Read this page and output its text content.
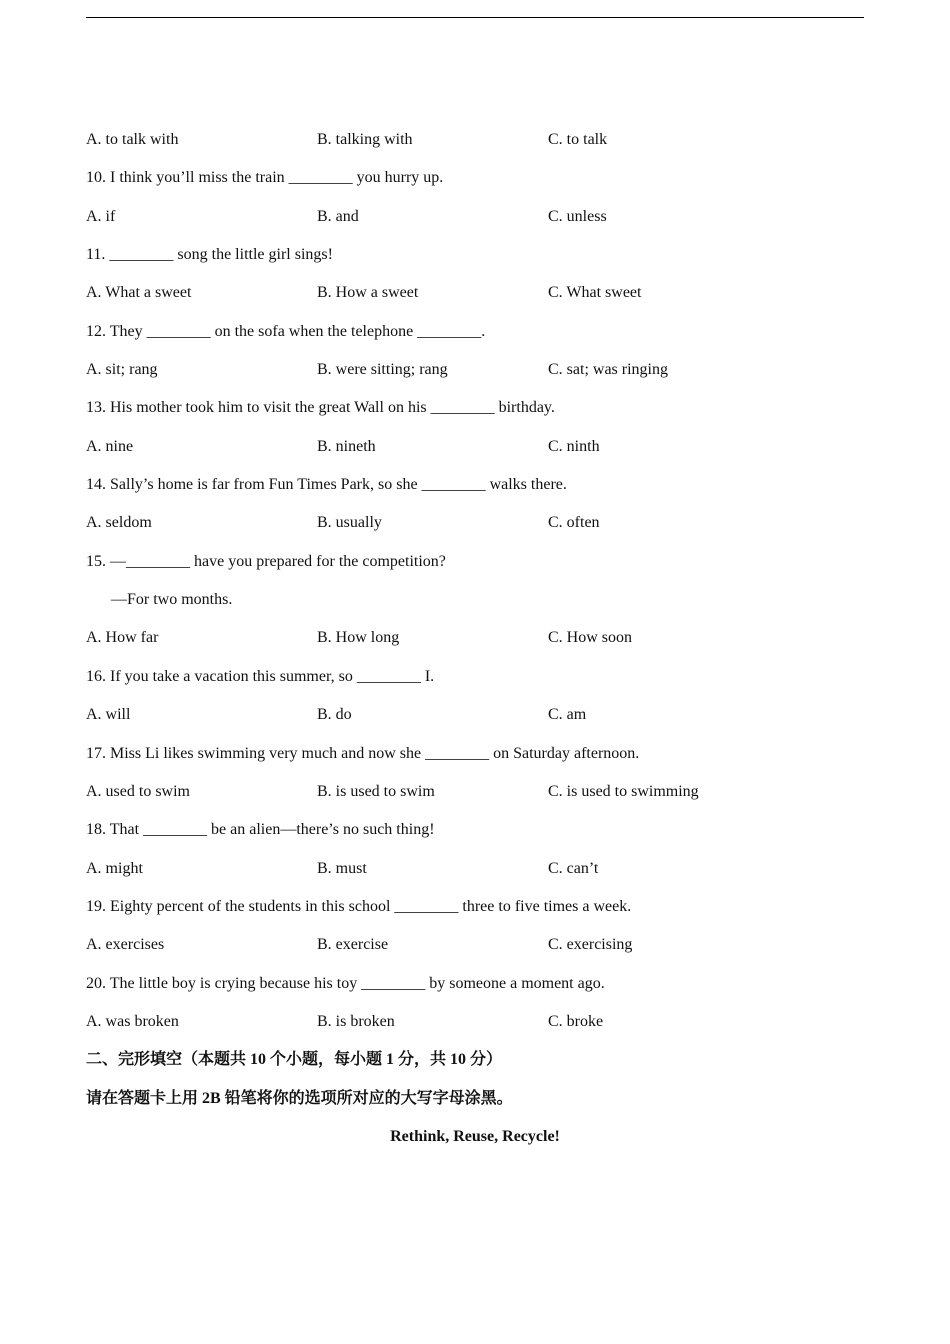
A. to talk with	B. talking with	C. to talk
10. I think you’ll miss the train ________ you hurry up.
A. if	B. and	C. unless
11. ________ song the little girl sings!
A. What a sweet	B. How a sweet	C. What sweet
12. They ________ on the sofa when the telephone ________.
A. sit; rang	B. were sitting; rang	C. sat; was ringing
13. His mother took him to visit the great Wall on his ________ birthday.
A. nine	B. nineth	C. ninth
14. Sally’s home is far from Fun Times Park, so she ________ walks there.
A. seldom	B. usually	C. often
15. —________ have you prepared for the competition?
—For two months.
A. How far	B. How long	C. How soon
16. If you take a vacation this summer, so ________ I.
A. will	B. do	C. am
17. Miss Li likes swimming very much and now she ________ on Saturday afternoon.
A. used to swim	B. is used to swim	C. is used to swimming
18. That ________ be an alien—there’s no such thing!
A. might	B. must	C. can’t
19. Eighty percent of the students in this school ________ three to five times a week.
A. exercises	B. exercise	C. exercising
20. The little boy is crying because his toy ________ by someone a moment ago.
A. was broken	B. is broken	C. broke
二、完形填空（本题共 10 个小题，每小题 1 分，共 10 分）
请在答题卡上用 2B 铅笔将你的选项所对应的大写字母涂黑。
Rethink, Reuse, Recycle!
